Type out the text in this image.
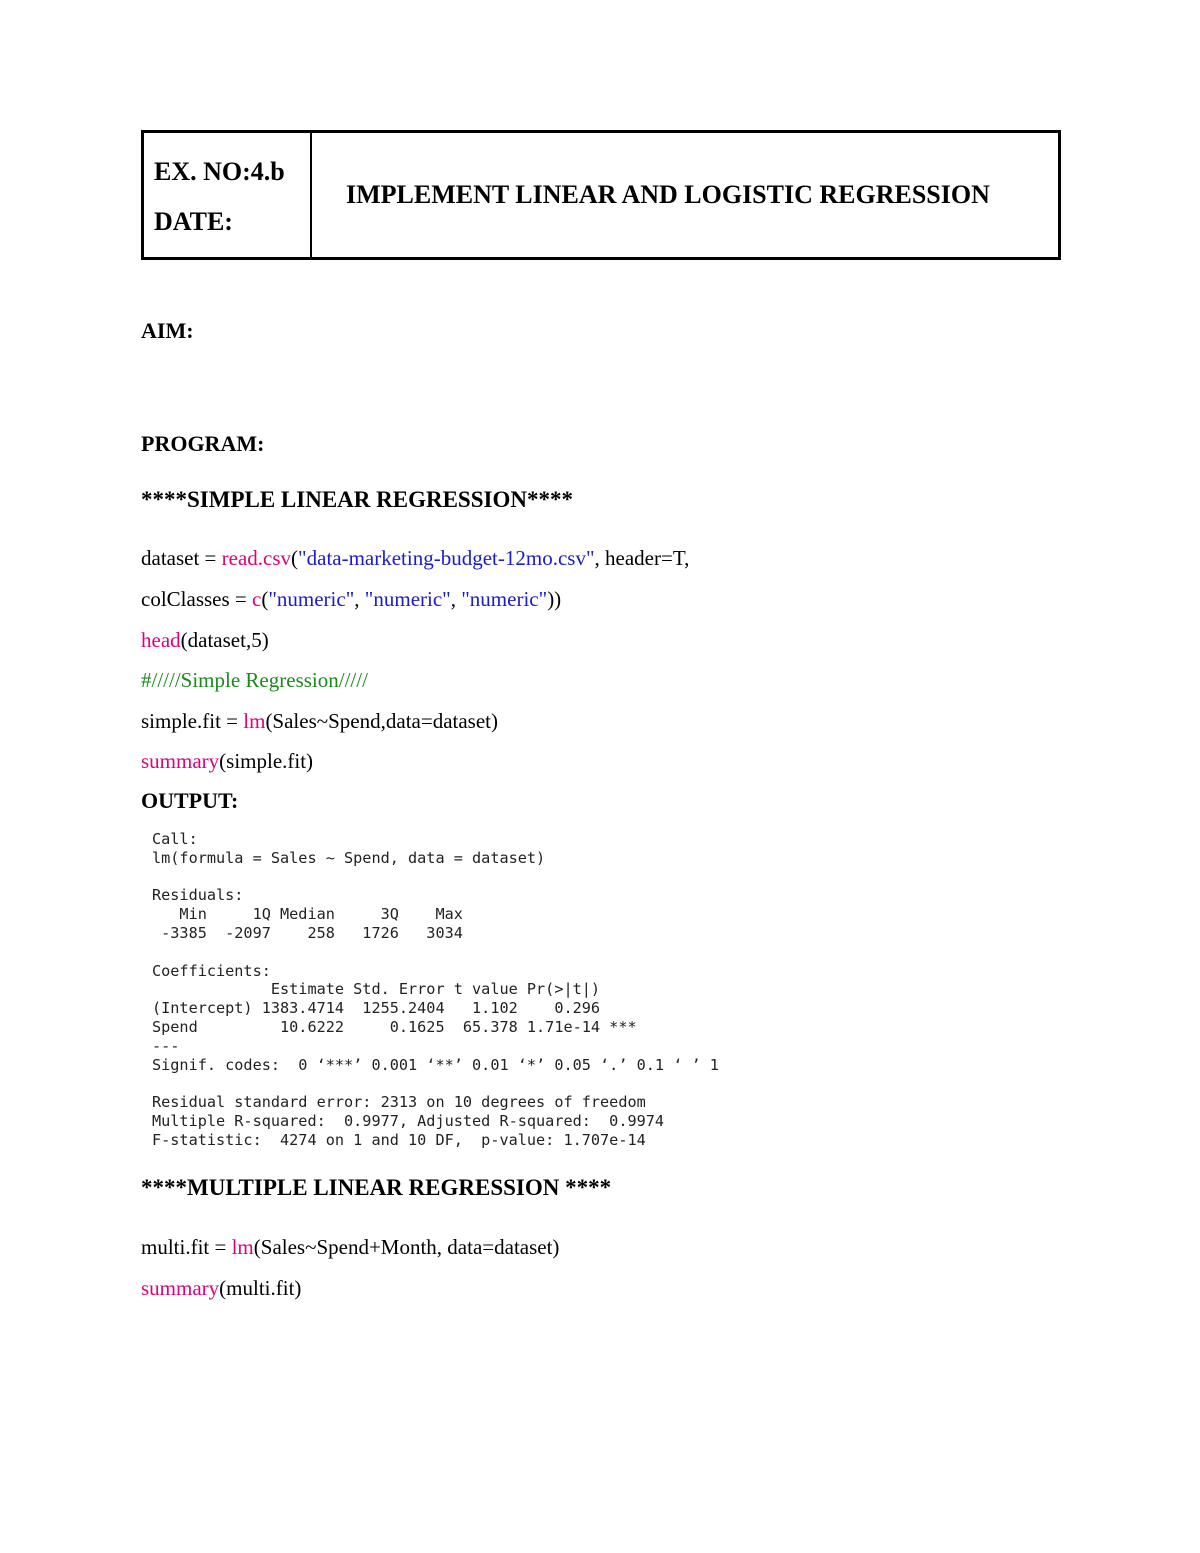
EX. NO:4.b
DATE:
IMPLEMENT LINEAR AND LOGISTIC REGRESSION
AIM:
PROGRAM:
****SIMPLE LINEAR REGRESSION****
dataset = read.csv("data-marketing-budget-12mo.csv", header=T,
colClasses = c("numeric", "numeric", "numeric"))
head(dataset,5)
#/////Simple Regression/////
simple.fit = lm(Sales~Spend,data=dataset)
summary(simple.fit)
OUTPUT:
Call:
lm(formula = Sales ~ Spend, data = dataset)
Residuals:
Min     1Q Median     3Q    Max
-3385  -2097    258   1726   3034
Coefficients:
Estimate Std. Error t value Pr(>|t|)
(Intercept) 1383.4714  1255.2404   1.102    0.296
Spend         10.6222     0.1625  65.378 1.71e-14 ***
---
Signif. codes:  0 ‘***’ 0.001 ‘**’ 0.01 ‘*’ 0.05 ‘.’ 0.1 ‘ ’ 1
Residual standard error: 2313 on 10 degrees of freedom
Multiple R-squared:  0.9977, Adjusted R-squared:  0.9974
F-statistic:  4274 on 1 and 10 DF,  p-value: 1.707e-14
****MULTIPLE LINEAR REGRESSION ****
multi.fit = lm(Sales~Spend+Month, data=dataset)
summary(multi.fit)
